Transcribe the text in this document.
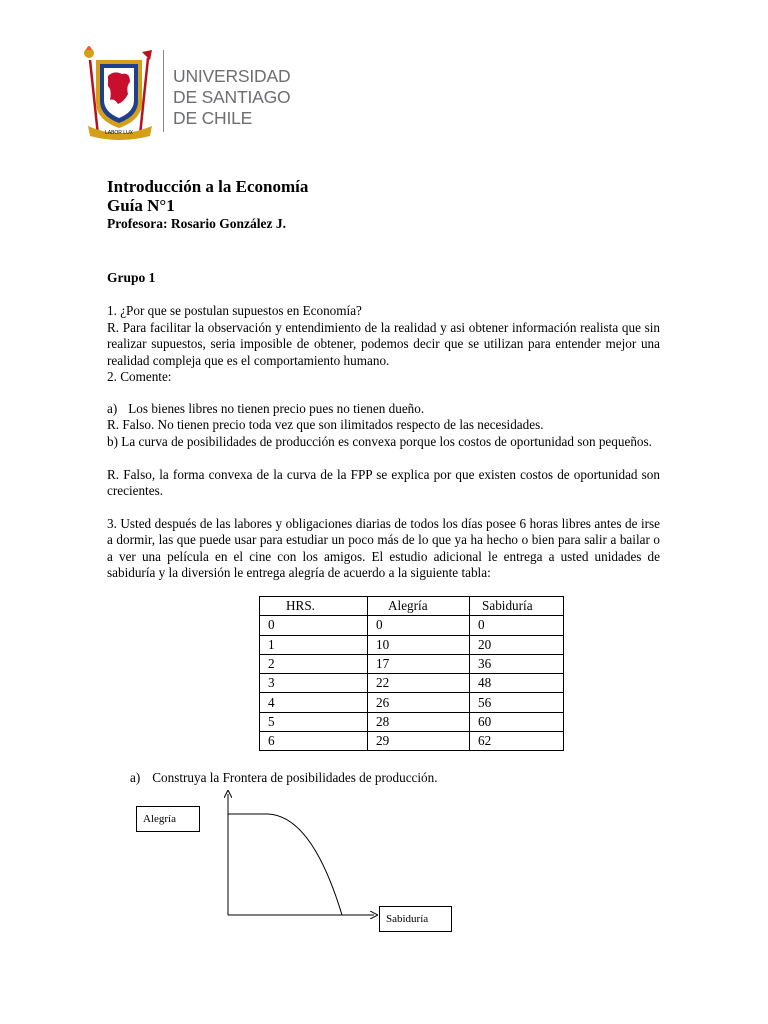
LABOR LUX
UNIVERSIDAD
DE SANTIAGO
DE CHILE
Introducción a la Economía
Guía N°1
Profesora: Rosario González J.
Grupo 1
1. ¿Por que se postulan supuestos en Economía?
R. Para facilitar la observación y entendimiento de la realidad y asi obtener información realista que sin realizar supuestos, seria imposible de obtener, podemos decir que se utilizan para entender mejor una realidad compleja que es el comportamiento humano.
2. Comente:
a) Los bienes libres no tienen precio pues no tienen dueño.
R. Falso. No tienen precio toda vez que son ilimitados respecto de las necesidades.
b) La curva de posibilidades de producción es convexa porque los costos de oportunidad son pequeños.
R. Falso, la forma convexa de la curva de la FPP se explica por que existen costos de oportunidad son crecientes.
3. Usted después de las labores y obligaciones diarias de todos los días posee 6 horas libres antes de irse a dormir, las que puede usar para estudiar un poco más de lo que ya ha hecho o bien para salir a bailar o a ver una película en el cine con los amigos. El estudio adicional le entrega a usted unidades de sabiduría y la diversión le entrega alegría de acuerdo a la siguiente tabla:
HRS.	Alegría	Sabiduría
0	0	0
1	10	20
2	17	36
3	22	48
4	26	56
5	28	60
6	29	62
a) Construya la Frontera de posibilidades de producción.
Alegría
Sabiduría
